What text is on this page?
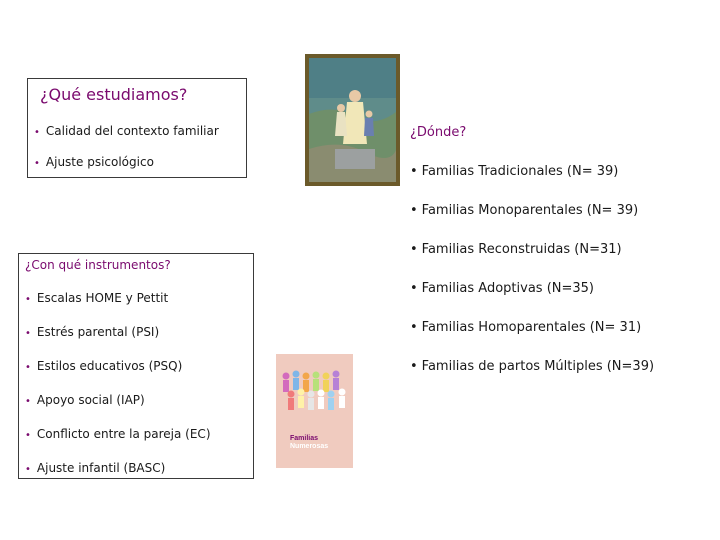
¿Qué estudiamos?
• Calidad del contexto familiar
• Ajuste psicológico
¿Dónde?
• Familias Tradicionales (N= 39)
• Familias Monoparentales (N= 39)
• Familias Reconstruidas (N=31)
• Familias Adoptivas (N=35)
• Familias Homoparentales (N= 31)
• Familias de partos Múltiples (N=39)
¿Con qué instrumentos?
• Escalas HOME y Pettit
• Estrés parental (PSI)
• Estilos educativos (PSQ)
• Apoyo social (IAP)
• Conflicto entre la pareja (EC)
• Ajuste infantil (BASC)
Familias
Numerosas
